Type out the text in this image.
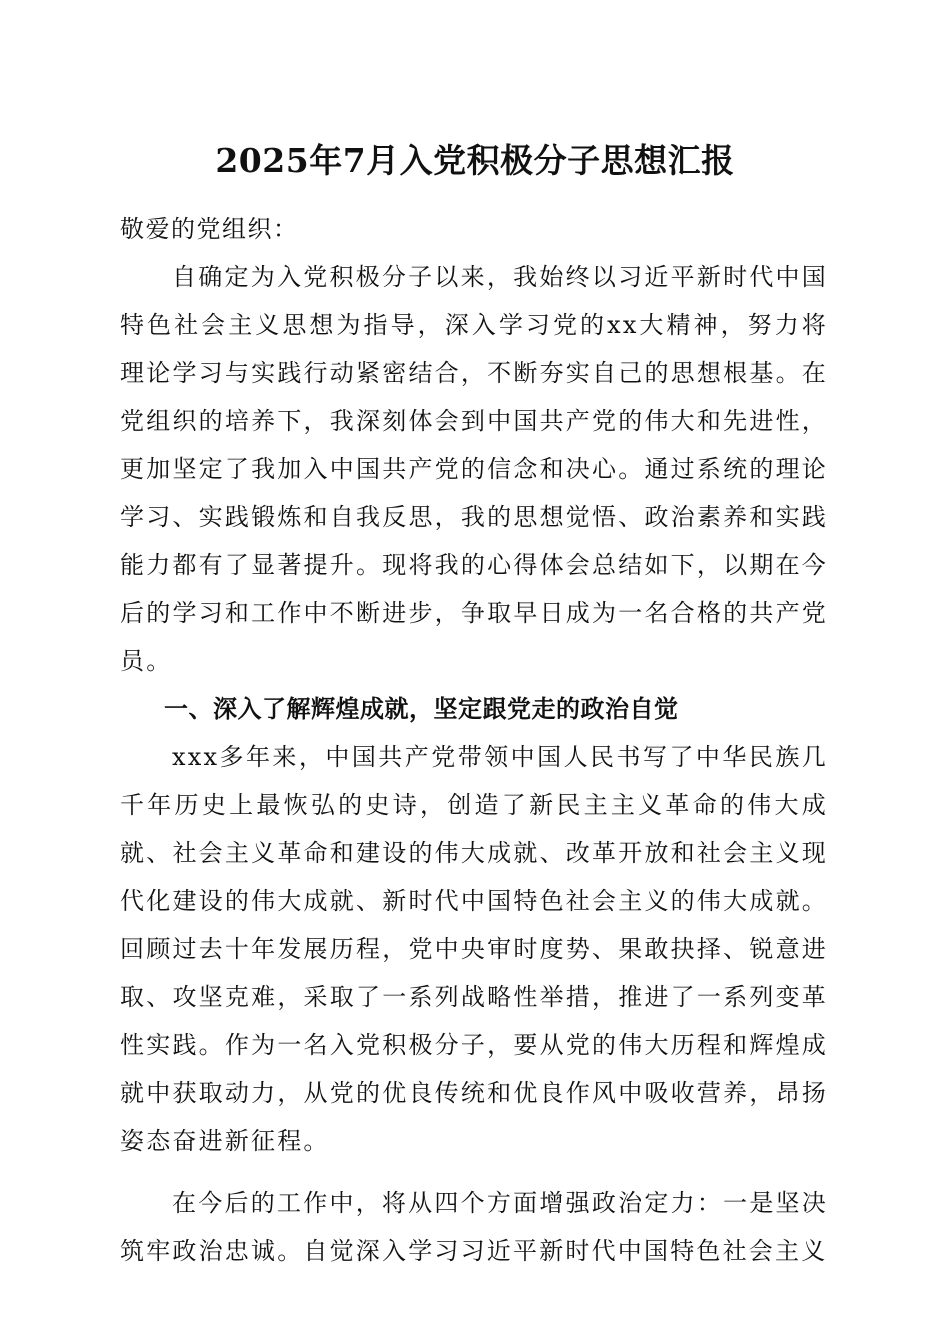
2025年7月入党积极分子思想汇报

敬爱的党组织：

自确定为入党积极分子以来，我始终以习近平新时代中国特色社会主义思想为指导，深入学习党的xx大精神，努力将理论学习与实践行动紧密结合，不断夯实自己的思想根基。在党组织的培养下，我深刻体会到中国共产党的伟大和先进性，更加坚定了我加入中国共产党的信念和决心。通过系统的理论学习、实践锻炼和自我反思，我的思想觉悟、政治素养和实践能力都有了显著提升。现将我的心得体会总结如下，以期在今后的学习和工作中不断进步，争取早日成为一名合格的共产党员。

一、深入了解辉煌成就，坚定跟党走的政治自觉

xxx多年来，中国共产党带领中国人民书写了中华民族几千年历史上最恢弘的史诗，创造了新民主主义革命的伟大成就、社会主义革命和建设的伟大成就、改革开放和社会主义现代化建设的伟大成就、新时代中国特色社会主义的伟大成就。回顾过去十年发展历程，党中央审时度势、果敢抉择、锐意进取、攻坚克难，采取了一系列战略性举措，推进了一系列变革性实践。作为一名入党积极分子，要从党的伟大历程和辉煌成就中获取动力，从党的优良传统和优良作风中吸收营养，昂扬姿态奋进新征程。

在今后的工作中，将从四个方面增强政治定力：一是坚决筑牢政治忠诚。自觉深入学习习近平新时代中国特色社会主义
